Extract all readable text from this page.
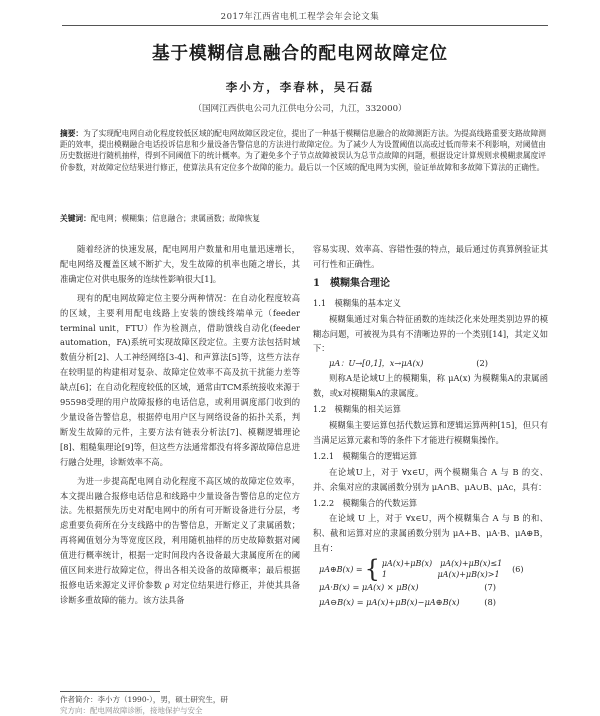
2017年江西省电机工程学会年会论文集
基于模糊信息融合的配电网故障定位
李小方，李春林，吴石磊
（国网江西供电公司九江供电分公司，九江，332000）
摘要：为了实现配电网自动化程度较低区域的配电网故障区段定位，提出了一种基于模糊信息融合的故障测距方法。为提高线路重要支路故障测距的效率，提出模糊融合电话投诉信息和少量设备告警信息的方法进行故障定位。为了减少人为设置阈值以高或过低而带来不利影响，对阈值由历史数据进行随机抽样，得到不同阈值下的统计概率。为了避免多个子节点故障被误认为总节点故障的问题，根据设定计算规则求模糊隶属度评价参数，对故障定位结果进行修正，使算法具有定位多个故障的能力。最后以一个区域的配电网为实例，验证单故障和多故障下算法的正确性。
关键词：配电网；模糊集；信息融合；隶属函数；故障恢复

随着经济的快速发展，配电网用户数量和用电量迅速增长，配电网络及覆盖区域不断扩大，发生故障的机率也随之增长，其准确定位对供电服务的连续性影响很大[1]。

现有的配电网故障定位主要分两种情况：在自动化程度较高的区域，主要利用配电线路上安装的馈线终端单元（feeder terminal unit，FTU）作为检测点，借助馈线自动化(feeder automation，FA)系统可实现故障区段定位。主要方法包括时域数值分析[2]、人工神经网络[3-4]、和声算法[5]等，这些方法存在较明显的构建相对复杂、故障定位效率不高及抗干扰能力差等缺点[6]；在自动化程度较低的区域，通常由TCM系统接收来源于95598受理的用户故障报修的电话信息，或利用调度部门收到的少量设备告警信息，根据停电用户区与网络设备的拓扑关系，判断发生故障的元件，主要方法有链表分析法[7]、模糊逻辑理论[8]、粗糙集理论[9]等，但这些方法通常都没有将多源故障信息进行融合处理，诊断效率不高。

为进一步提高配电网自动化程度不高区域的故障定位效率，本文提出融合报修电话信息和线路中少量设备告警信息的定位方法。先根据预先历史对配电网中的所有可开断设备进行分层，考虑重要负荷所在分支线路中的告警信息，开断定义了隶属函数；再将阈值划分为等宽度区段，利用随机抽样的历史故障数据对阈值进行概率统计，根据一定时间段内各设备最大隶属度所在的阈值区间来进行故障定位，得出各相关设备的故障概率；最后根据报修电话来源定义评价参数 ρ 对定位结果进行修正，并使其具备诊断多重故障的能力。该方法具备

容易实现、效率高、容错性强的特点，最后通过仿真算例验证其可行性和正确性。

1　模糊集合理论
1.1　模糊集的基本定义

模糊集通过对集合特征函数的连续泛化来处理类别边界的模糊态问题，可被视为具有不清晰边界的一个类别[14]，其定义如下：

μA：U→[0,1]，x→μA(x)	(2)

则称A是论域U上的模糊集，称 μA(x) 为模糊集A的隶属函数，或x对模糊集A的隶属度。

1.2　模糊集的相关运算

模糊集主要运算包括代数运算和逻辑运算两种[15]，但只有当满足运算元素和等的条件下才能进行模糊集操作。

1.2.1　模糊集合的逻辑运算

在论域U上，对于 ∀x∈U，两个模糊集合 A 与 B 的交、并、余集对应的隶属函数分别为 μA∩B、μA∪B、μAc，具有：

1.2.2　模糊集合的代数运算

在论域 U 上，对于 ∀x∈U，两个模糊集合 A 与 B 的和、积、截和运算对应的隶属函数分别为 μA+B、μA·B、μA⊕B，且有：

μA⊕B(x) = { μA(x)+μB(x)　μA(x)+μB(x)≤1
1　　　　　　 μA(x)+μB(x)>1
(6)
μA·B(x) = μA(x) × μB(x)	(7)
μA⊖B(x) = μA(x)+μB(x)−μA⊕B(x)	(8)
作者简介：李小方（1990-），男，硕士研究生，研
究方向：配电网故障诊断，接地保护与安全
